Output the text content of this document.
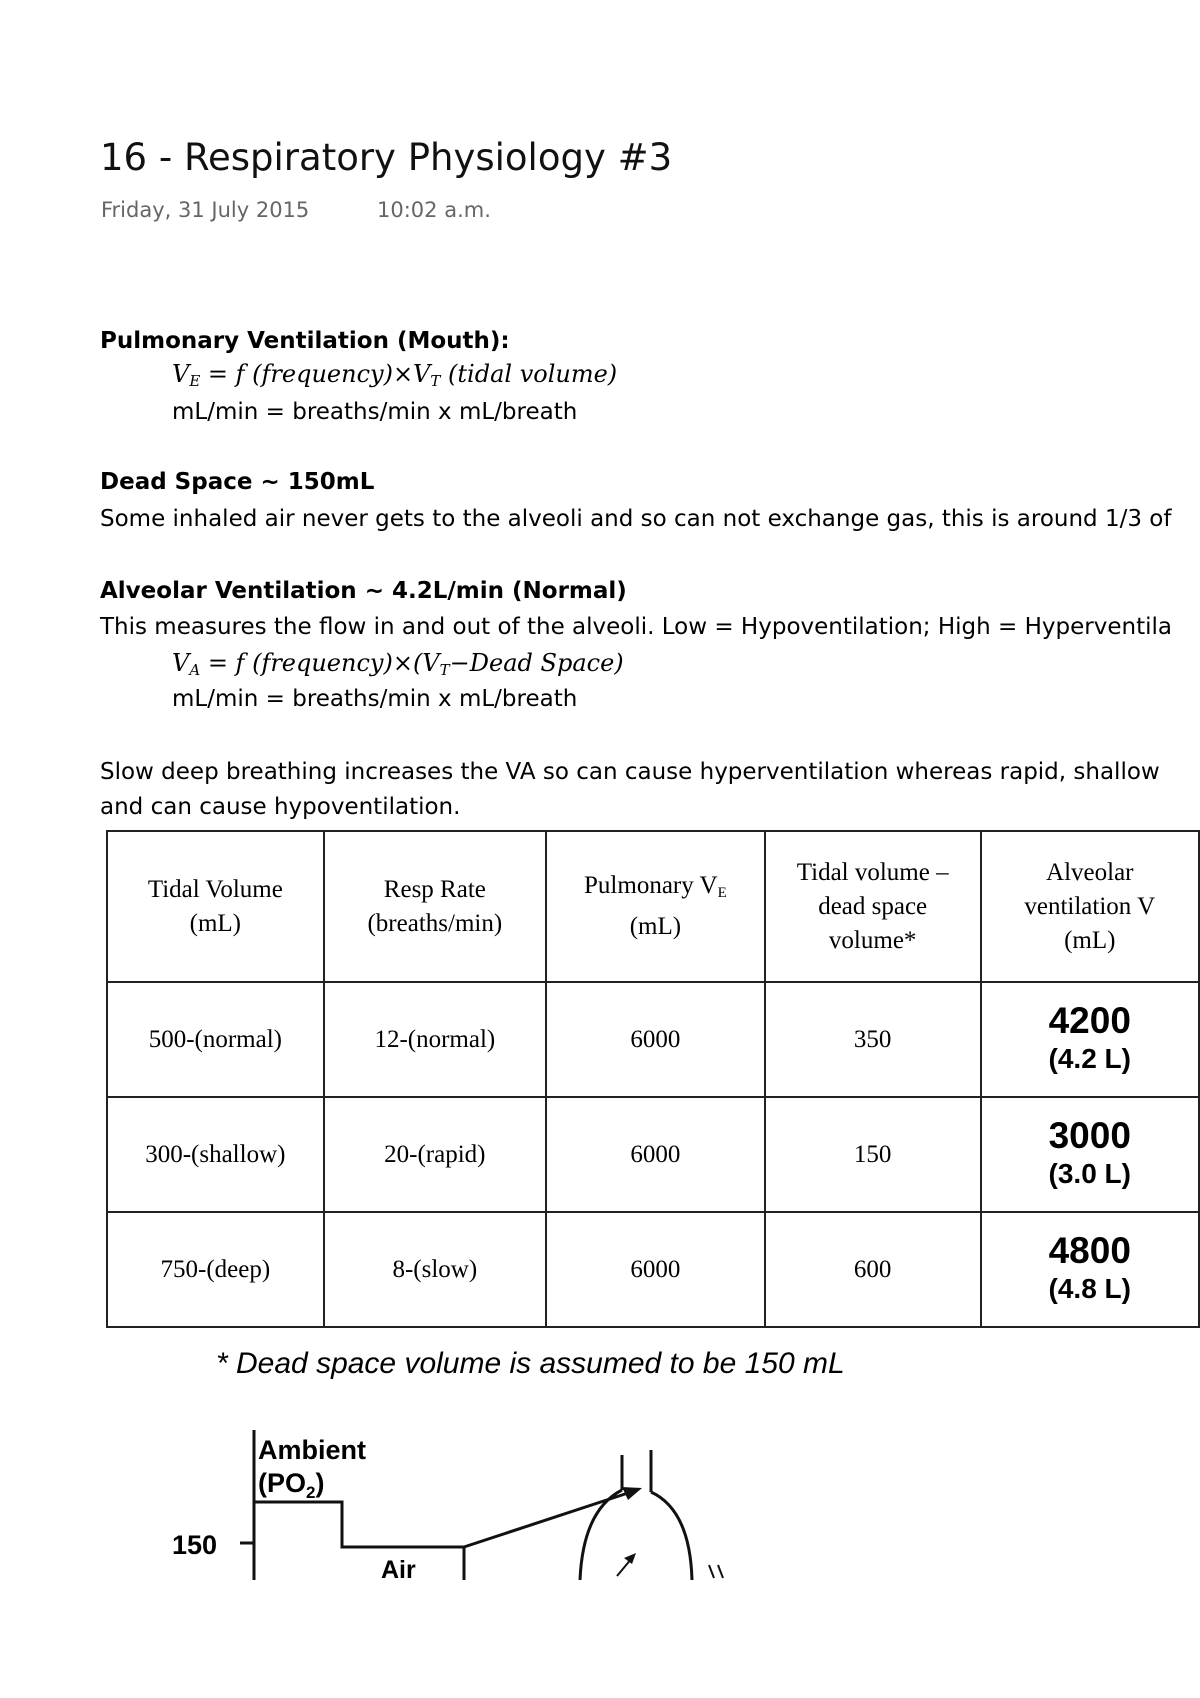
16 - Respiratory Physiology #3
Friday, 31 July 2015	10:02 a.m.
Pulmonary Ventilation (Mouth):
$V_E = f$ $(frequency)\times V_T$ (tidal volume)
mL/min = breaths/min x mL/breath
Dead Space ~ 150mL
Some inhaled air never gets to the alveoli and so can not exchange gas, this is around 1/3 of
Alveolar Ventilation ~ 4.2L/min (Normal)
This measures the flow in and out of the alveoli. Low = Hypoventilation; High = Hyperventila
$V_A = f$ $(frequency)\times(V_T-Dead$ Space)
mL/min = breaths/min x mL/breath
Slow deep breathing increases the VA so can cause hyperventilation whereas rapid, shallow
and can cause hypoventilation.
Tidal Volume
(mL)	Resp Rate
(breaths/min)	Pulmonary $V_E$
(mL)	Tidal volume –
dead space
volume*	Alveolar
ventilation V
(mL)
500-(normal)	12-(normal)	6000	350	4200
(4.2 L)

300-(shallow)	20-(rapid)	6000	150	3000
(3.0 L)

750-(deep)	8-(slow)	6000	600	4800
(4.8 L)
* Dead space volume is assumed to be 150 mL
150
Ambient
$(PO_2)$
Air
